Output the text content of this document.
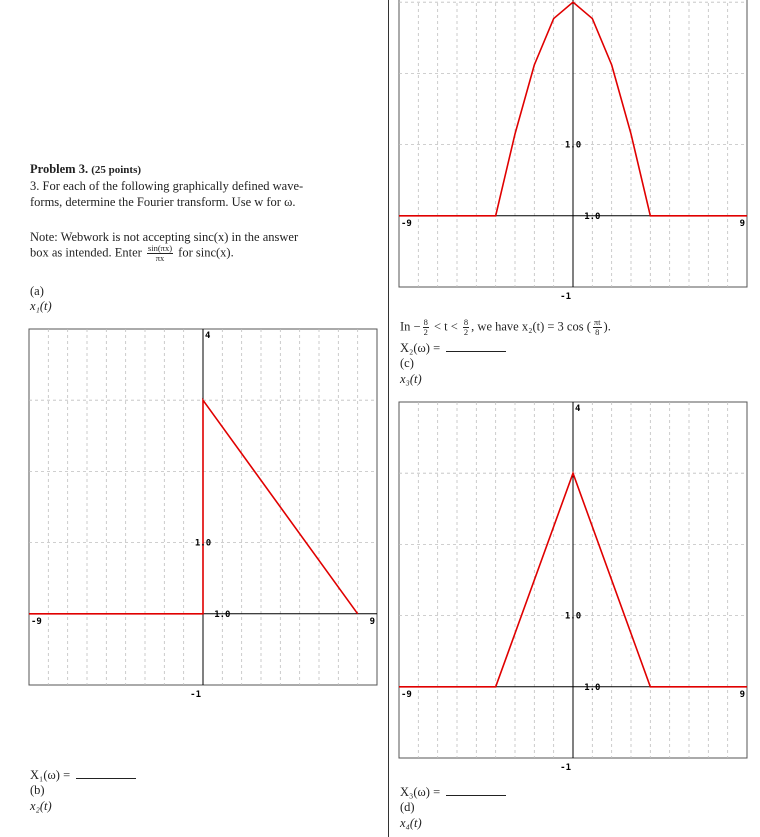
Problem 3. (25 points)
3. For each of the following graphically defined wave-
forms, determine the Fourier transform. Use w for ω.
Note: Webwork is not accepting sinc(x) in the answer
box as intended. Enter $\frac{\sin(\pi x)}{\pi x}$ for sinc(x).
(a)
x₁(t)
-9	9
4
-1
1.0
1.0
X₁(ω) =
(b)
x₂(t)
-9	9
-1
1.0
1.0
$In - \frac{8}{2} < t < \frac{8}{2}$ , we have x₂(t) = 3 cos ( $\frac{\pi t}{8}$ ).
X₂(ω) =
(c)
x₃(t)
-9	9
4
-1
1.0
1.0
X₃(ω) =
(d)
x₄(t)
